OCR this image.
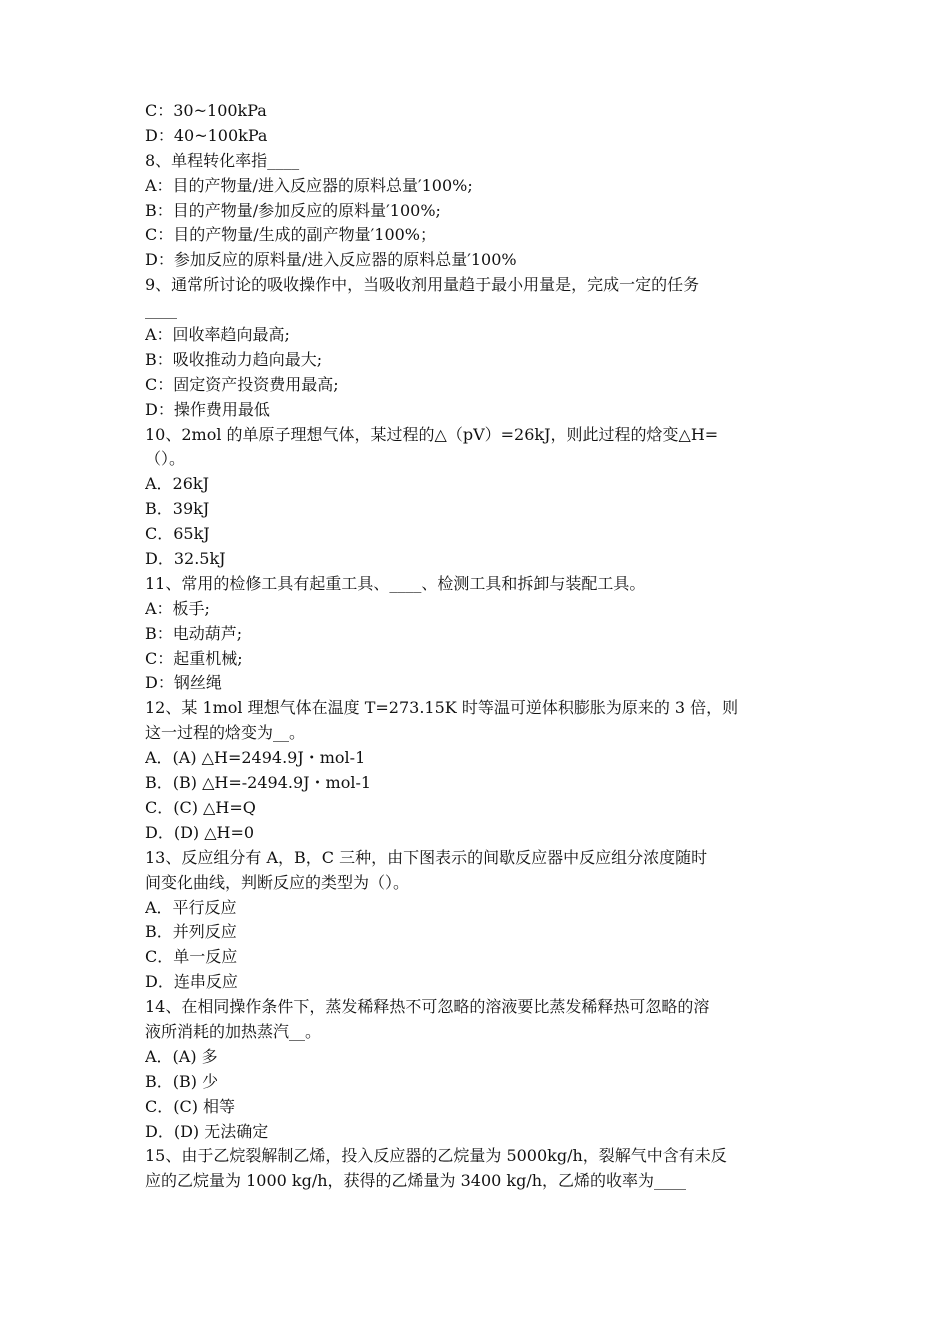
C：30~100kPa
D：40~100kPa
8、单程转化率指____
A：目的产物量/进入反应器的原料总量′100%;
B：目的产物量/参加反应的原料量′100%;
C：目的产物量/生成的副产物量′100%；
D：参加反应的原料量/进入反应器的原料总量′100%
9、通常所讨论的吸收操作中，当吸收剂用量趋于最小用量是，完成一定的任务
____
A：回收率趋向最高;
B：吸收推动力趋向最大;
C：固定资产投资费用最高;
D：操作费用最低
10、2mol 的单原子理想气体，某过程的△（pV）=26kJ，则此过程的焓变△H=
（）。
A．26kJ
B．39kJ
C．65kJ
D．32.5kJ
11、常用的检修工具有起重工具、____、检测工具和拆卸与装配工具。
A：板手;
B：电动葫芦;
C：起重机械;
D：钢丝绳
12、某 1mol 理想气体在温度 T=273.15K 时等温可逆体积膨胀为原来的 3 倍，则
这一过程的焓变为__。
A．(A) △H=2494.9J・mol-1
B．(B) △H=-2494.9J・mol-1
C．(C) △H=Q
D．(D) △H=0
13、反应组分有 A，B，C 三种，由下图表示的间歇反应器中反应组分浓度随时
间变化曲线，判断反应的类型为（）。
A．平行反应
B．并列反应
C．单一反应
D．连串反应
14、在相同操作条件下，蒸发稀释热不可忽略的溶液要比蒸发稀释热可忽略的溶
液所消耗的加热蒸汽__。
A．(A) 多
B．(B) 少
C．(C) 相等
D．(D) 无法确定
15、由于乙烷裂解制乙烯，投入反应器的乙烷量为 5000kg/h，裂解气中含有未反
应的乙烷量为 1000 kg/h，获得的乙烯量为 3400 kg/h，乙烯的收率为____
